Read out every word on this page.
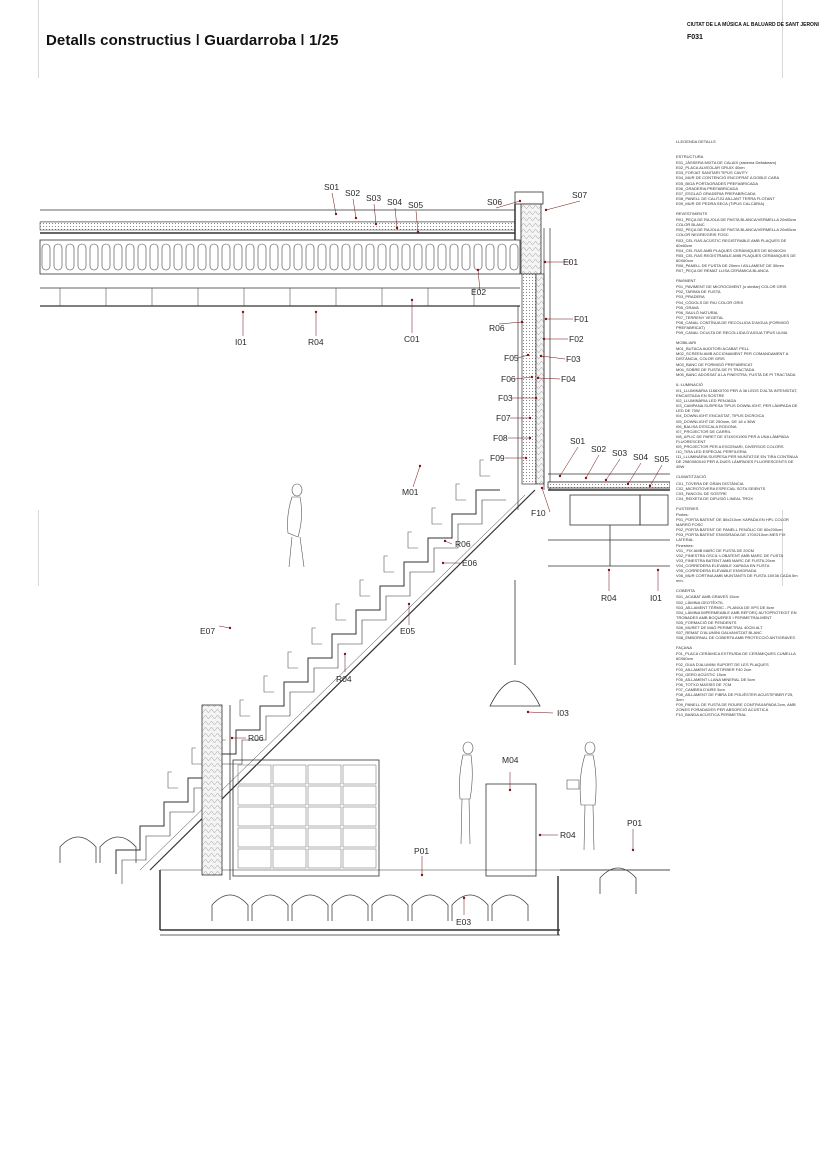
Detalls constructius ǀ Guardarroba ǀ 1/25
CIUTAT DE LA MÚSICA AL BALUARD DE SANT JERONI
F031
S01
S02 S03 S04 S05	S06
S07
E01
E02
I01	R04	C01
R06
F01
F02
F03
F04
F05
F06
F03
F07
F08
F09
F10
S01
S02 S03 S04 S05
M01
R06
E06
R04	I01
E07	E05
R04
I03
R06
M04
R04
P01
P01
E03
LLEGENDA DETALLS
ESTRUCTURA
E01_JÀSSERA MIXTA DE CALAIX (sistema Deltabeam)
E02_PLACA ALVEOLAR GRUIX 40cm
E03_FORJAT SANITARI TIPUS CAVITY
E04_MUR DE CONTENCIÓ ENCOFRAT A DOBLE CARA
E05_BIGA PORTAGRADES PREFABRICADA
E06_GRADERIA PREFABRICADA
E07_ESGLAÓ GRADERIA PREFABRICADA
E08_PANELL DE CALITJÚ AÏLLANT TERRA FLOTANT
E09_MUR DE PEDRA SECA (TIPUS CALCÀRIA)
REVESTIMENTS
R01_PEÇA DE RAJOLA DE PASTA BLANCA/VERMELLA 20x80cm COLOR BLANC
R02_PEÇA DE RAJOLA DE PASTA BLANCA/VERMELLA 20x80cm COLOR NEGRE/GRIS FOSC
R03_CEL RAS ACÚSTIC REGISTRABLE AMB PLAQUES DE 60x60cm
R04_CEL RAS AMB PLAQUES CERÀMIQUES DE 60X60CM
R05_CEL RAS REGISTRABLE AMB PLAQUES CERÀMIQUES DE 60X60cm
R06_PANELL DE FUSTA DE 20mm I AÏLLAMENT DE 30mm
R07_PEÇA DE REMAT LLISA CERÀMICA BLANCA
PAVIMENT
P01_PAVIMENT DE MICROCIMENT (o similar) COLOR GRIS
P02_TARIMA DE FUSTA
P03_PRADERA
P04_CÒDOLS DE RIU COLOR GRIS
P05_GRAVA
P06_SAULÓ NATURAL
P07_TERRENY VEGETAL
P08_CANAL CONTÍNUA DE RECOLLIDA D'AIGUA (FORMIGÓ PREFABRICAT)
P09_CANAL OCULTA DE RECOLLIDA D'AIGUA TIPUS ULMA
MOBILIARI
M01_BUTACA AUDITORI ACABAT PELL
M02_SCREEN AMB ACCIONAMENT PER COMANDAMENT A DISTÀNCIA, COLOR GRIS
M03_BANC DE FORMIGÓ PREFABRICAT
M04_SOBRE DE FUSTA DE PI TRACTADA
M05_BANC ADOSSAT A LA FINESTRA, FUSTA DE PI TRACTADA
IL·LUMINACIÓ
I01_LLUMINÀRIA 1166X0700 PER A 36 LEDS D'ALTA INTENSITAT, ENCASTADA EN SOSTRE
I02_LLUMINÀRIA LED PENJADA
I03_CAMPANA SUSPESA TIPUS DOWNLIGHT, PER LÀMPADA DE LED DE 70W
I04_DOWNLIGHT ENCASTAT, TIPUS DICROICA
I05_DOWNLIGHT DE 250mm, DE 18 o 36W
I06_BALISA D'ESCALA RODONA
I07_PROJECTOR DE CARRIL
I08_APLIC DE PARET DE 374X0X1900 PER A UNA LÀMPADA FLUORESCENT
I09_PROJECTOR PER A ESCENARI, DIVERSOS COLORS
I10_TIRA LED ESPECIAL PERFILERIA
I11_LLUMINÀRIA SUSPESA PER MUNTATGE EN TIRA CONTÍNUA DE 2980X80X40 PER A DUES LÀMPADES FLUORESCENTS DE 49W
CLIMATITZACIÓ
C01_TOVERA DE GRAN DISTÀNCIA
C02_MICROTOVERA ESPECIAL SOTA SEIENTS
C03_FANCOIL DE SOSTRE
C04_REIXETA DE DIFUSIÓ LINEAL TROX
FUSTERIES
Portes:
P01_PORTA BATENT DE 80x210cm XAPADA EN HPL COLOR MARRÓ FOSC
P02_PORTA BATENT DE PANELL FENÒLIC DE 60x200cm
P03_PORTA BATENT ENVIDRADA DE 170X210cm MES FIX LATERAL
Finestres:
V01_ FIX AMB MARC DE FUSTA DE 20CM
V02_FINESTRA OSCIL·LOBATENT AMB MARC DE FUSTA
V03_FINESTRA BATENT AMB MARC DE FUSTA 20cm
V04_CORREDERA ELEVABLE XAPADA EN FUSTA
V05_CORREDERA ELEVABLE ENVIDRADA
V06_MUR CORTINA AMB MUNTANTS DE FUSTA 15X36 CADA 5m mín.
COBERTA
S01_ACABAT AMB GRAVES 15cm
S02_LÀMINA GEOTÈXTIL
S03_AÏLLAMENT TÈRMIC - PLANXA DE XPS DE 8cm
S04_LÀMINA IMPERMEABLE AMB REFORÇ AUTOPROTEGIT EN TROBADES AMB BOQUERES I PERIMETRALMENT
S05_FORMACIÓ DE PENDENTS
S06_MURET DE MAÓ PERIMETRAL 40CM ALT
S07_REMAT D'ALUMINI GALVANITZAT BLANC
S08_EMBORNAL DE COBERTA AMB PROTECCIÓ ANTIGRAVES
FAÇANA
F01_PLACA CERÀMICA EXTRUÏDA DE CERÀMIQUES CUMELLA 60X60cm
F02_GUIA D'ALUMINI SUPORT DE LES PLAQUES
F03_AÏLLAMENT ACUSTIFIBER F40 2cm
F04_GERO ACÚSTIC 15cm
F05_AÏLLAMENT LLANA MINERAL DE 5cm
F06_TOTXO MASSÍS DE 7CM
F07_CAMBRA D'AIRE 5cm
F08_AÏLLAMENT DE FIBRA DE POLIÈSTER ACUSTIFIBER F25, 3cm
F09_PANELL DE FUSTA DE ROURE CONTRAXAPADA 2cm, AMB ZONES FORADADES PER ABSORCIÓ ACÚSTICA
F10_BANDA ACÚSTICA PERIMETRAL
